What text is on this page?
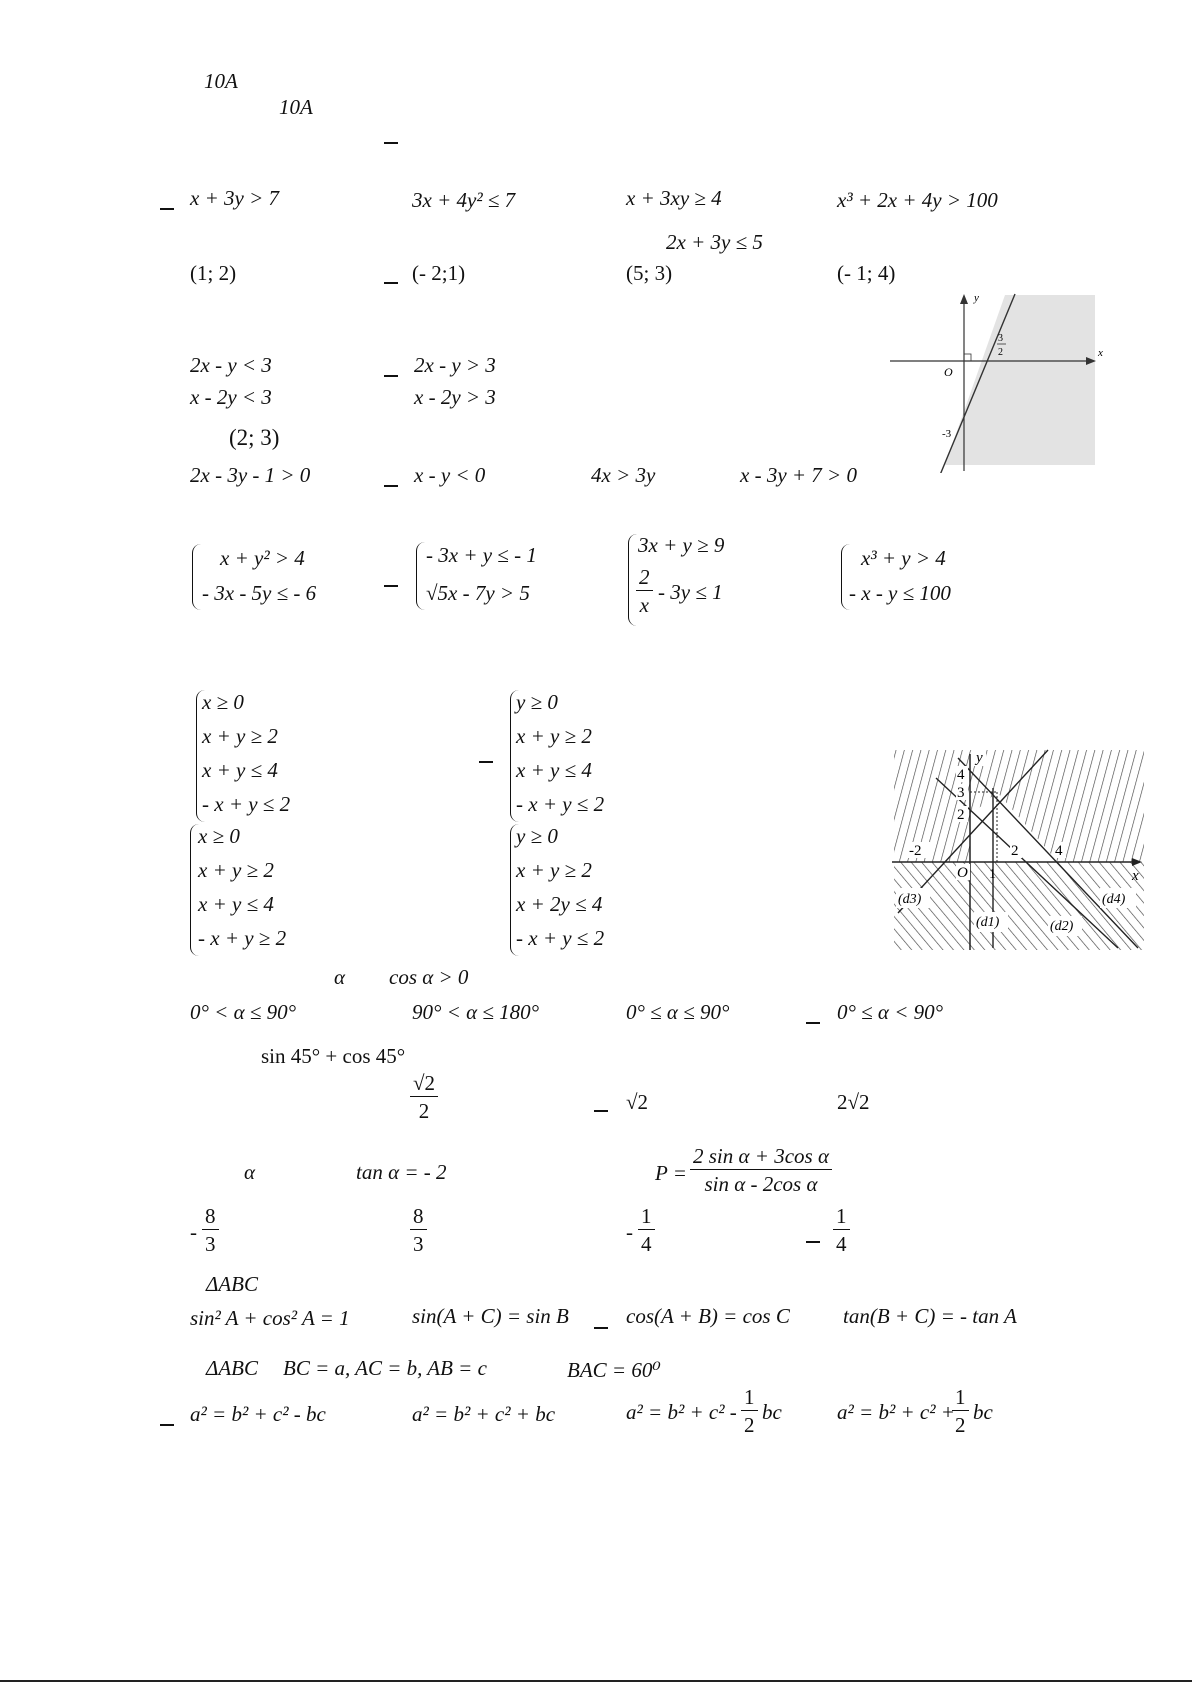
10A
10A
x + 3y > 7	3x + 4y² ≤ 7	x + 3xy ≥ 4	x³ + 2x + 4y > 100
2x + 3y ≤ 5
(1; 2)	(- 2;1)	(5; 3)	(- 1; 4)
2x - y < 3
x - 2y < 3
2x - y > 3
x - 2y > 3
y
x
O
-3
3
2
(2; 3)
2x - 3y - 1 > 0	x - y < 0	4x > 3y	x - 3y + 7 > 0
x + y² > 4
- 3x - 5y ≤ - 6
- 3x + y ≤ - 1
√5x - 7y > 5
3x + y ≥ 9
$\frac{2}{x} - 3y \le 1$
x³ + y > 4
- x - y ≤ 100
x ≥ 0
x + y ≥ 2
x + y ≤ 4
- x + y ≤ 2
y ≥ 0
x + y ≥ 2
x + y ≤ 4
- x + y ≤ 2
x ≥ 0
x + y ≥ 2
x + y ≤ 4
- x + y ≥ 2
y ≥ 0
x + y ≥ 2
x + 2y ≤ 4
- x + y ≤ 2
4
3
2
y
x
O
-2
1
2 4
(d3)
(d1)	(d2)
(d4)
α cos α > 0
0° < α ≤ 90°	90° < α ≤ 180°	0° ≤ α ≤ 90°	0° ≤ α < 90°
sin 45° + cos 45°
$\frac{√2}{2}$	√2	2√2
α	tan α = - 2	$P = \frac{\text{2 sin α + 3cos α}}{\text{sin α - 2cos α}}$
- $\frac{8}{3}$	$\frac{8}{3}$	- $\frac{1}{4}$	$\frac{1}{4}$
ΔABC
sin² A + cos² A = 1	sin(A + C) = sin B	cos(A + B) = cos C	tan(B + C) = - tan A
ΔABC BC = a, AC = b, AB = c	BAC = 60⁰
a² = b² + c² - bc	a² = b² + c² + bc	$a^2 = b^2 + c^2 - \frac{1}{2}$ bc	a² = b² + c² +
$\frac{1}{2}$ bc
